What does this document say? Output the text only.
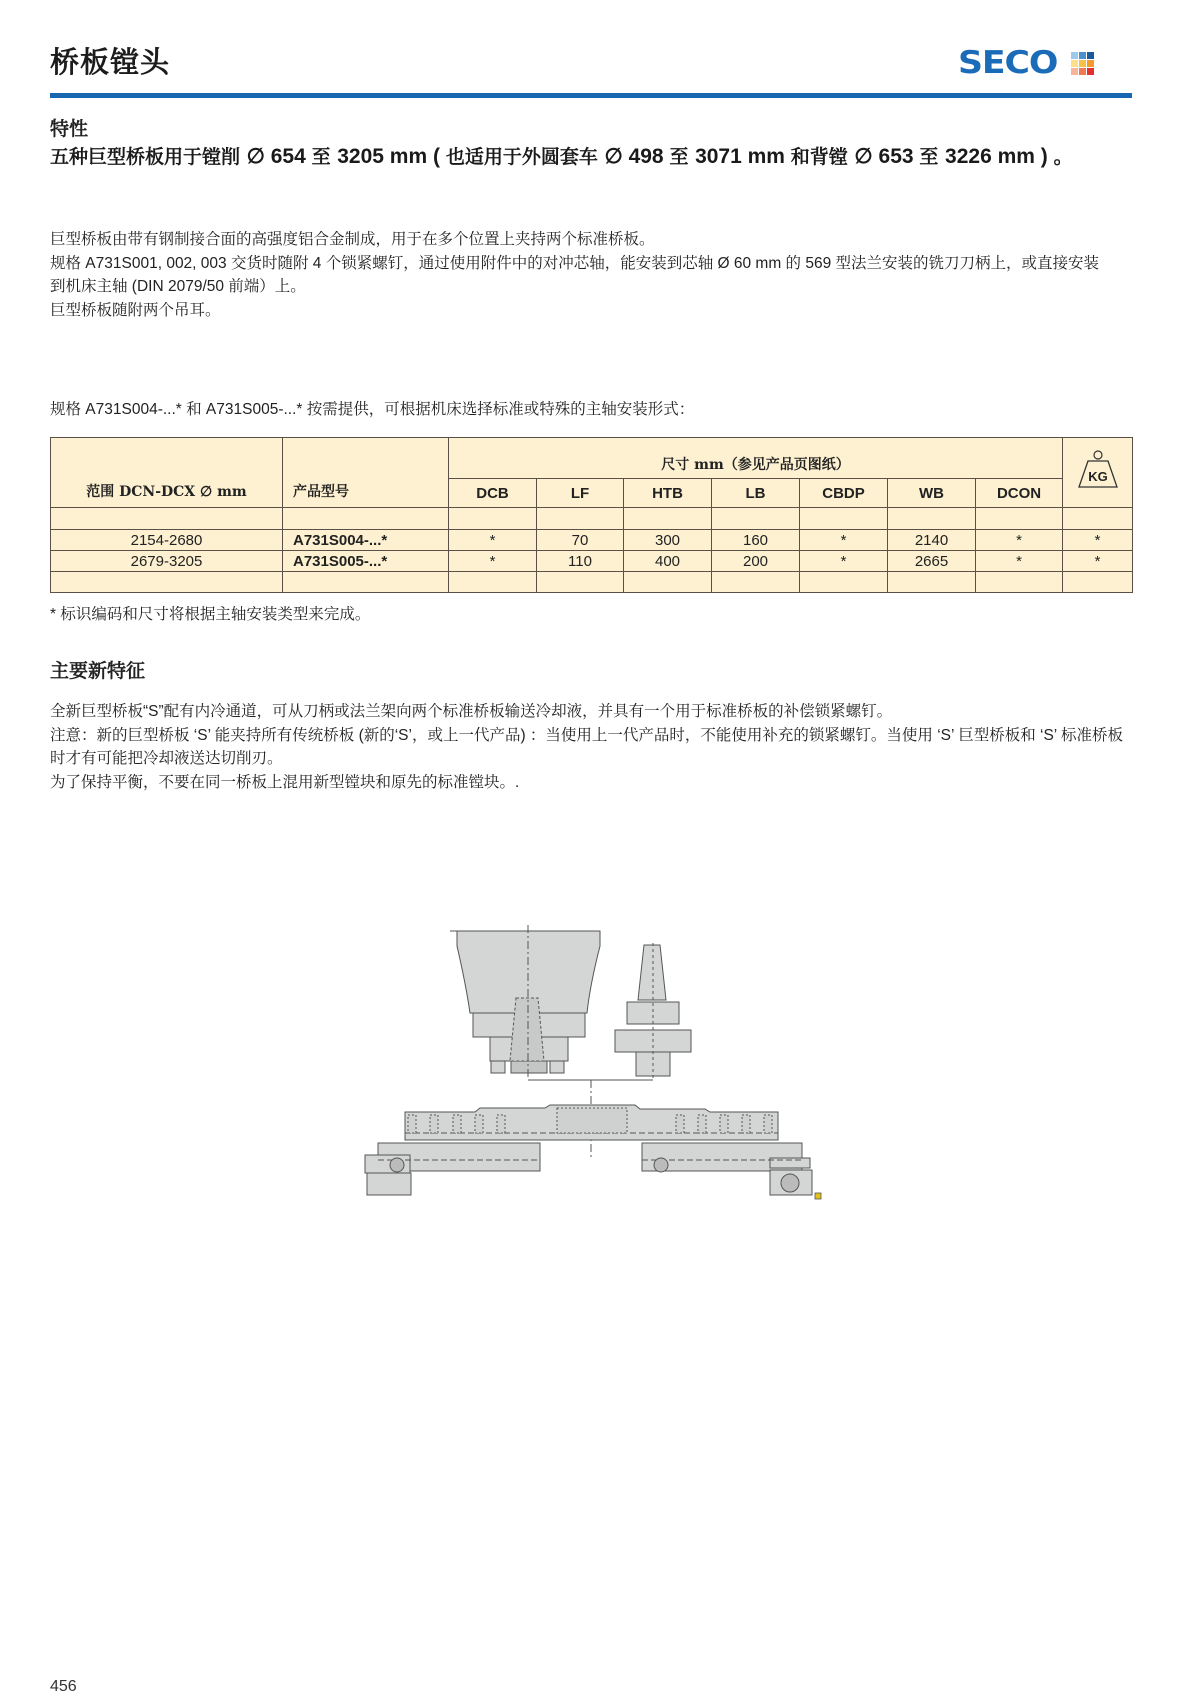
桥板镗头	SECO
特性
五种巨型桥板用于镗削 ∅ 654 至 3205 mm ( 也适用于外圆套车 ∅ 498 至 3071 mm 和背镗 ∅ 653 至 3226 mm ) 。

巨型桥板由带有钢制接合面的高强度铝合金制成，用于在多个位置上夹持两个标准桥板。

规格 A731S001, 002, 003 交货时随附 4 个锁紧螺钉，通过使用附件中的对冲芯轴，能安装到芯轴 Ø 60 mm 的 569 型法兰安装的铣刀刀柄上，或直接安装到机床主轴 (DIN 2079/50 前端）上。

巨型桥板随附两个吊耳。

规格 A731S004-...* 和 A731S005-...* 按需提供，可根据机床选择标准或特殊的主轴安装形式：
范围 DCN-DCX ∅ mm	产品型号	尺寸 mm（参见产品页图纸）							KG

		DCB	LF	HTB	LB	CBDP	WB	DCON	

2154-2680	A731S004-...*	*	70	300	160	*	2140	*	*
2679-3205	A731S005-...*	*	110	400	200	*	2665	*	*

* 标识编码和尺寸将根据主轴安装类型来完成。
主要新特征

全新巨型桥板“S”配有内冷通道，可从刀柄或法兰架向两个标准桥板输送冷却液，并具有一个用于标准桥板的补偿锁紧螺钉。

注意：新的巨型桥板 ‘S’ 能夹持所有传统桥板 (新的‘S’，或上一代产品) ：当使用上一代产品时，不能使用补充的锁紧螺钉。当使用 ‘S’ 巨型桥板和 ‘S’ 标准桥板时才有可能把冷却液送达切削刃。

为了保持平衡，不要在同一桥板上混用新型镗块和原先的标准镗块。.

456
